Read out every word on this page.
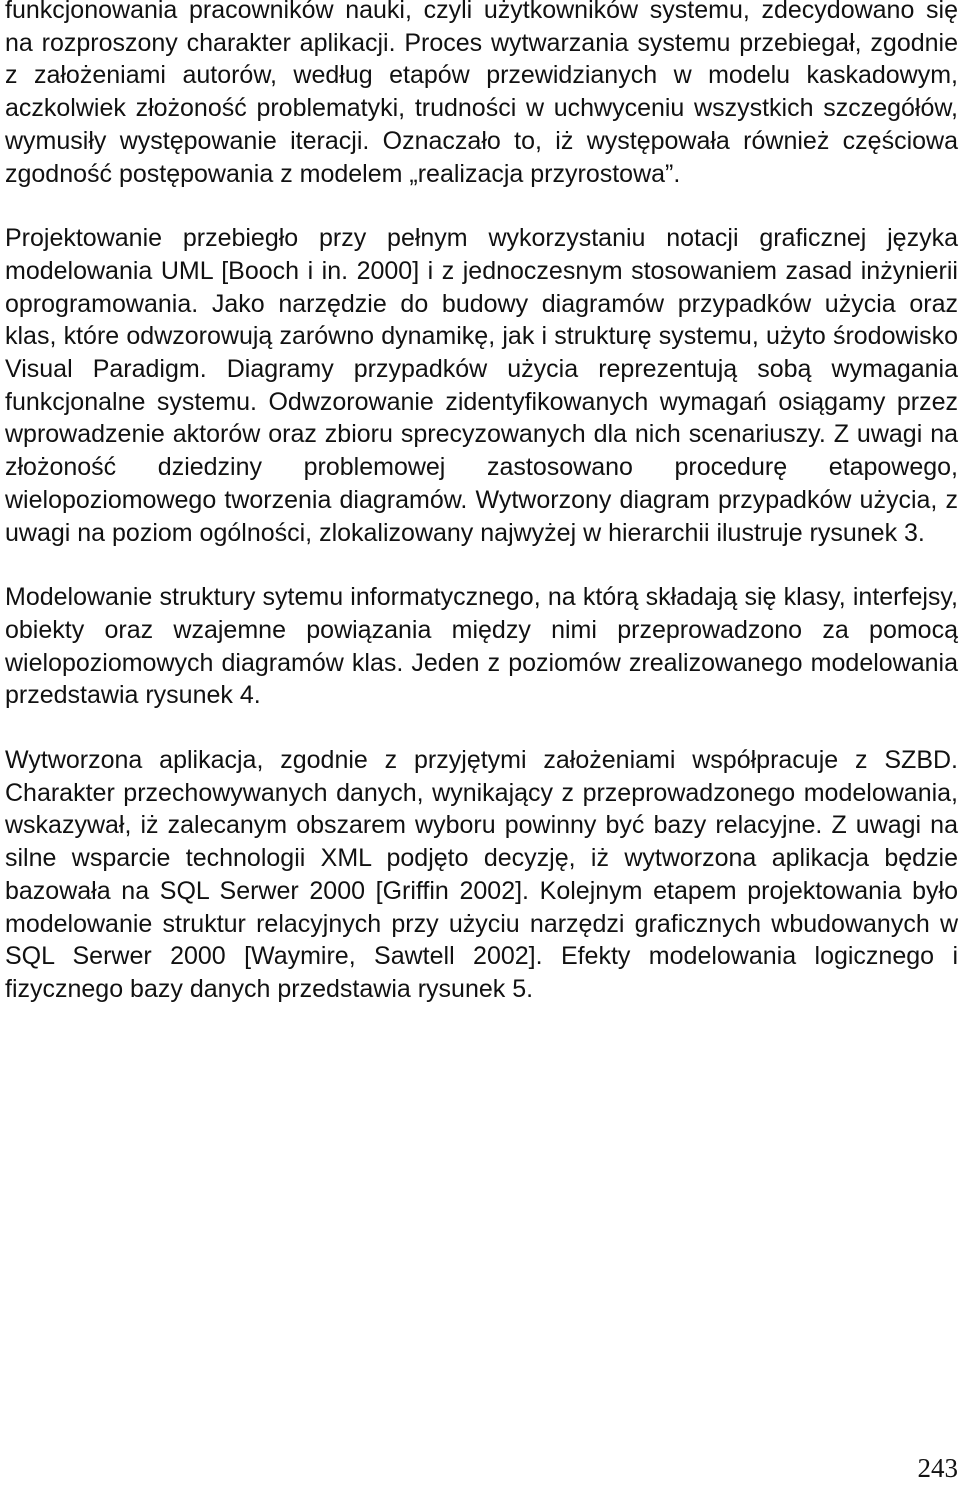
funkcjonowania pracowników nauki, czyli użytkowników systemu, zdecydowano się na rozproszony charakter aplikacji. Proces wytwarzania systemu przebiegał, zgodnie z założeniami autorów, według etapów przewidzianych w modelu kaskadowym, aczkolwiek złożoność problematyki, trudności w uchwyceniu wszystkich szczegółów, wymusiły występowanie iteracji. Oznaczało to, iż występowała również częściowa zgodność postępowania z modelem „realizacja przyrostowa”.

Projektowanie przebiegło przy pełnym wykorzystaniu notacji graficznej języka modelowania UML [Booch i in. 2000] i z jednoczesnym stosowaniem zasad inżynierii oprogramowania. Jako narzędzie do budowy diagramów przypadków użycia oraz klas, które odwzorowują zarówno dynamikę, jak i strukturę systemu, użyto środowisko Visual Paradigm. Diagramy przypadków użycia reprezentują sobą wymagania funkcjonalne systemu. Odwzorowanie zidentyfikowanych wymagań osiągamy przez wprowadzenie aktorów oraz zbioru sprecyzowanych dla nich scenariuszy. Z uwagi na złożoność dziedziny problemowej zastosowano procedurę etapowego, wielopoziomowego tworzenia diagramów. Wytworzony diagram przypadków użycia, z uwagi na poziom ogólności, zlokalizowany najwyżej w hierarchii ilustruje rysunek 3.

Modelowanie struktury sytemu informatycznego, na którą składają się klasy, interfejsy, obiekty oraz wzajemne powiązania między nimi przeprowadzono za pomocą wielopoziomowych diagramów klas. Jeden z poziomów zrealizowanego modelowania przedstawia rysunek 4.

Wytworzona aplikacja, zgodnie z przyjętymi założeniami współpracuje z SZBD. Charakter przechowywanych danych, wynikający z przeprowadzonego modelowania, wskazywał, iż zalecanym obszarem wyboru powinny być bazy relacyjne. Z uwagi na silne wsparcie technologii XML podjęto decyzję, iż wytworzona aplikacja będzie bazowała na SQL Serwer 2000 [Griffin 2002]. Kolejnym etapem projektowania było modelowanie struktur relacyjnych przy użyciu narzędzi graficznych wbudowanych w SQL Serwer 2000 [Waymire, Sawtell 2002]. Efekty modelowania logicznego i fizycznego bazy danych przedstawia rysunek 5.

243
